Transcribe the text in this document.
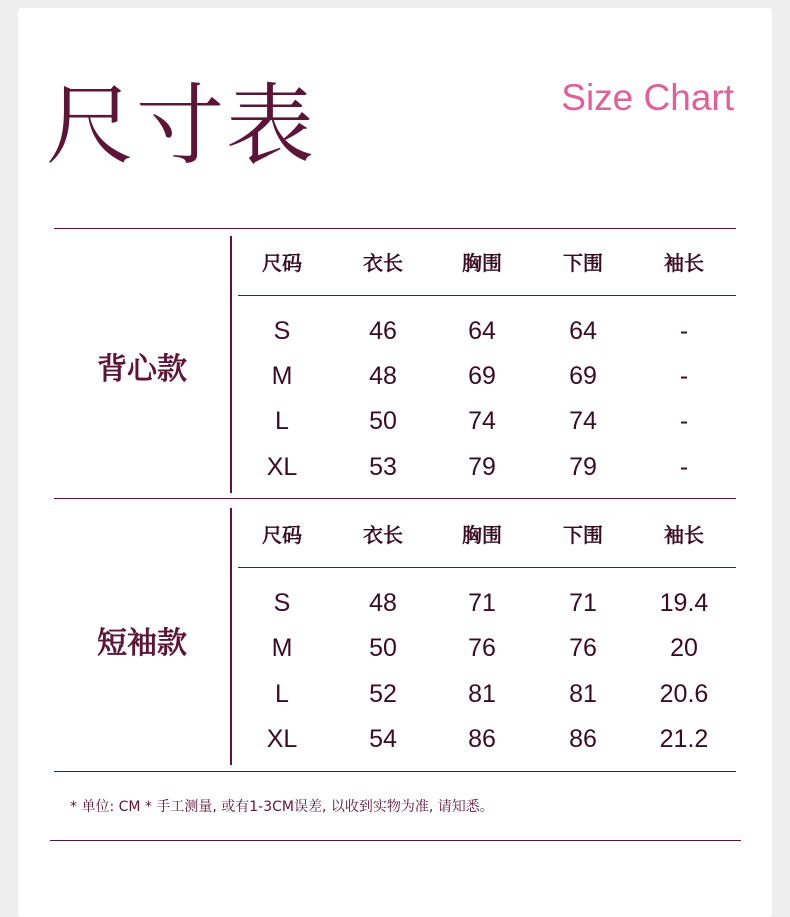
尺寸表	Size Chart
背心款
短袖款
尺码	衣长	胸围	下围	袖长
S	46	64	64	-
M	48	69	69	-
L	50	74	74	-
XL	53	79	79	-
尺码	衣长	胸围	下围	袖长
S	48	71	71	19.4
M	50	76	76	20
L	52	81	81	20.6
XL	54	86	86	21.2
* 单位: CM * 手工测量, 或有1-3CM误差, 以收到实物为准, 请知悉。
